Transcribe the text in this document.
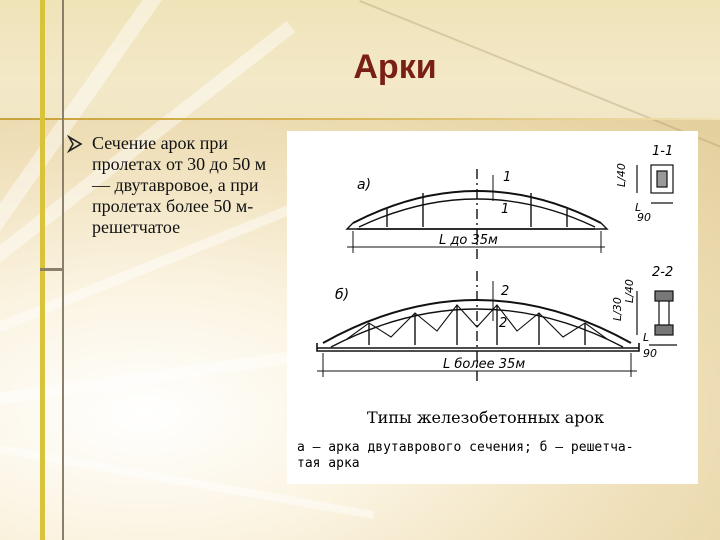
Арки
Сечение арок при пролетах от 30 до 50 м — двутавровое, а при пролетах более 50 м- решетчатое
а)	1
1
L до 35м
1-1
L/40
L
90
б)	2
2
L более 35м
2-2
L/30
L/40
L
90
Типы железобетонных арок
а — арка двутаврового сечения; б — решетча-
тая арка
